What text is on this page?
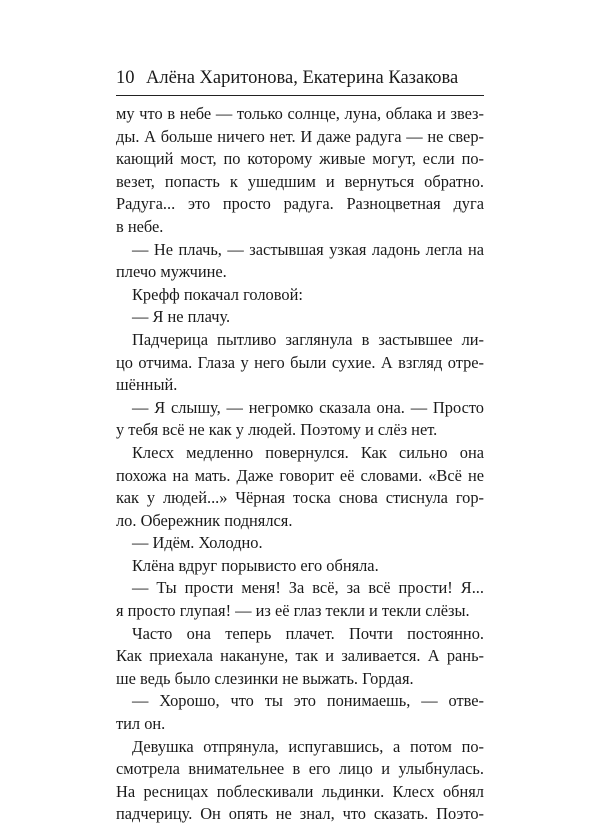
10 Алёна Харитонова, Екатерина Казакова
му что в небе — только солнце, луна, облака и звез-
ды. А больше ничего нет. И даже радуга — не свер-
кающий мост, по которому живые могут, если по-
везет, попасть к ушедшим и вернуться обратно.
Радуга... это просто радуга. Разноцветная дуга
в небе.
— Не плачь, — застывшая узкая ладонь легла на
плечо мужчине.
Крефф покачал головой:
— Я не плачу.
Падчерица пытливо заглянула в застывшее ли-
цо отчима. Глаза у него были сухие. А взгляд отре-
шённый.
— Я слышу, — негромко сказала она. — Просто
у тебя всё не как у людей. Поэтому и слёз нет.
Клесх медленно повернулся. Как сильно она
похожа на мать. Даже говорит её словами. «Всё не
как у людей...» Чёрная тоска снова стиснула гор-
ло. Обережник поднялся.
— Идём. Холодно.
Клёна вдруг порывисто его обняла.
— Ты прости меня! За всё, за всё прости! Я...
я просто глупая! — из её глаз текли и текли слёзы.
Часто она теперь плачет. Почти постоянно.
Как приехала накануне, так и заливается. А рань-
ше ведь было слезинки не выжать. Гордая.
— Хорошо, что ты это понимаешь, — отве-
тил он.
Девушка отпрянула, испугавшись, а потом по-
смотрела внимательнее в его лицо и улыбнулась.
На ресницах поблескивали льдинки. Клесх обнял
падчерицу. Он опять не знал, что сказать. Поэто-
